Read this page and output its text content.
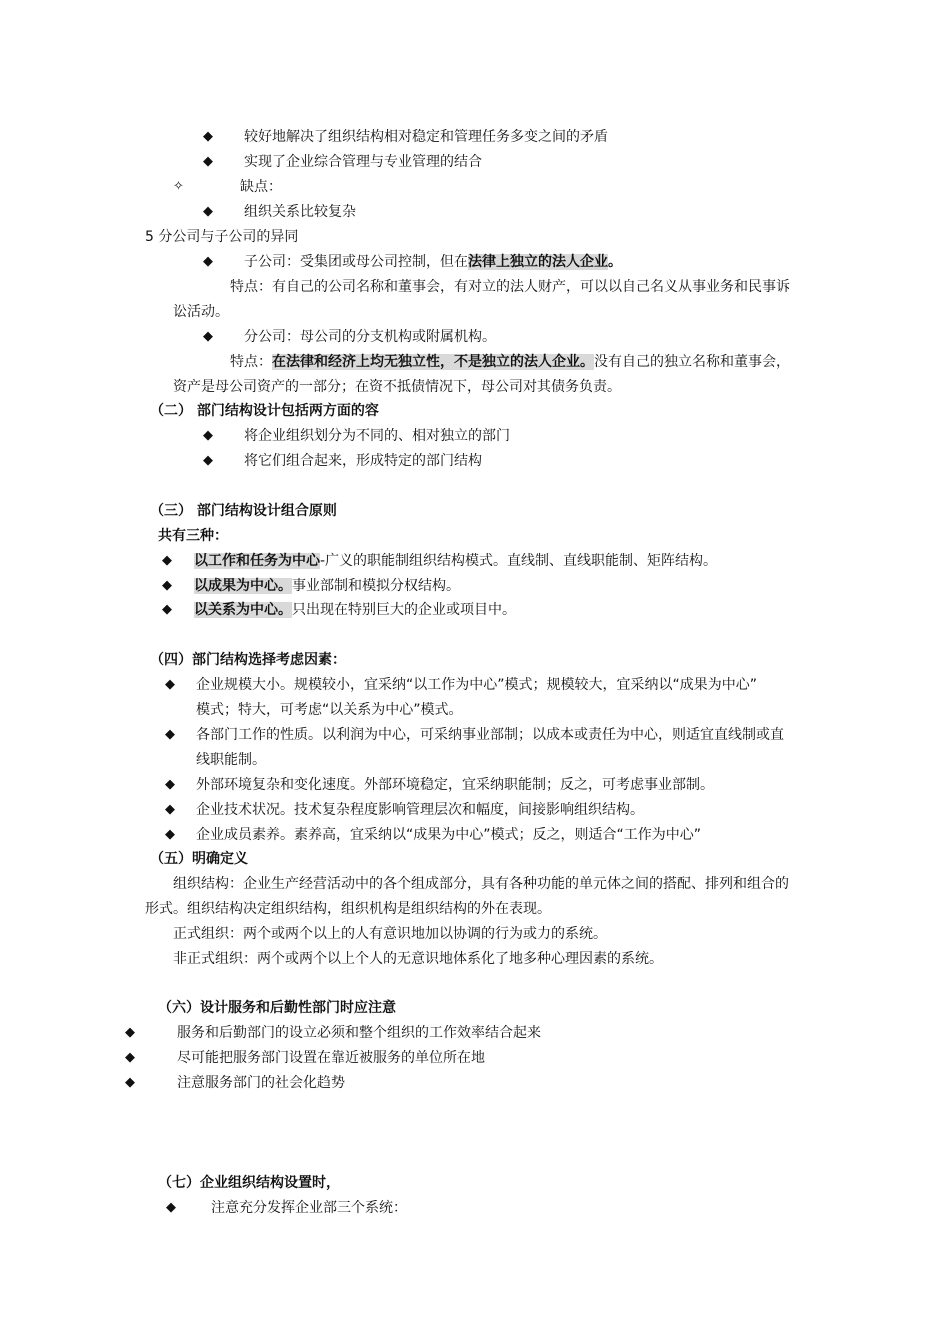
◆ 较好地解决了组织结构相对稳定和管理任务多变之间的矛盾
◆ 实现了企业综合管理与专业管理的结合
✧	缺点：
◆ 组织关系比较复杂
5 分公司与子公司的异同
◆ 子公司：受集团或母公司控制，但在法律上独立的法人企业。
特点：有自己的公司名称和董事会，有对立的法人财产，可以以自己名义从事业务和民事诉
讼活动。
◆ 分公司：母公司的分支机构或附属机构。
特点：在法律和经济上均无独立性，不是独立的法人企业。没有自己的独立名称和董事会，
资产是母公司资产的一部分；在资不抵债情况下，母公司对其债务负责。
（二） 部门结构设计包括两方面的容
◆ 将企业组织划分为不同的、相对独立的部门
◆ 将它们组合起来，形成特定的部门结构
（三） 部门结构设计组合原则
共有三种：
◆ 以工作和任务为中心-广义的职能制组织结构模式。直线制、直线职能制、矩阵结构。
◆ 以成果为中心。事业部制和模拟分权结构。
◆ 以关系为中心。只出现在特别巨大的企业或项目中。
（四）部门结构选择考虑因素：
◆ 企业规模大小。规模较小，宜采纳“以工作为中心”模式；规模较大，宜采纳以“成果为中心”
模式；特大，可考虑“以关系为中心”模式。
◆ 各部门工作的性质。以利润为中心，可采纳事业部制；以成本或责任为中心，则适宜直线制或直
线职能制。
◆ 外部环境复杂和变化速度。外部环境稳定，宜采纳职能制；反之，可考虑事业部制。
◆ 企业技术状况。技术复杂程度影响管理层次和幅度，间接影响组织结构。
◆ 企业成员素养。素养高，宜采纳以“成果为中心”模式；反之，则适合“工作为中心”
（五）明确定义
组织结构：企业生产经营活动中的各个组成部分，具有各种功能的单元体之间的搭配、排列和组合的
形式。组织结构决定组织结构，组织机构是组织结构的外在表现。
正式组织：两个或两个以上的人有意识地加以协调的行为或力的系统。
非正式组织：两个或两个以上个人的无意识地体系化了地多种心理因素的系统。
（六）设计服务和后勤性部门时应注意
◆	服务和后勤部门的设立必须和整个组织的工作效率结合起来
◆	尽可能把服务部门设置在靠近被服务的单位所在地
◆	注意服务部门的社会化趋势
（七）企业组织结构设置时，
◆	注意充分发挥企业部三个系统：
